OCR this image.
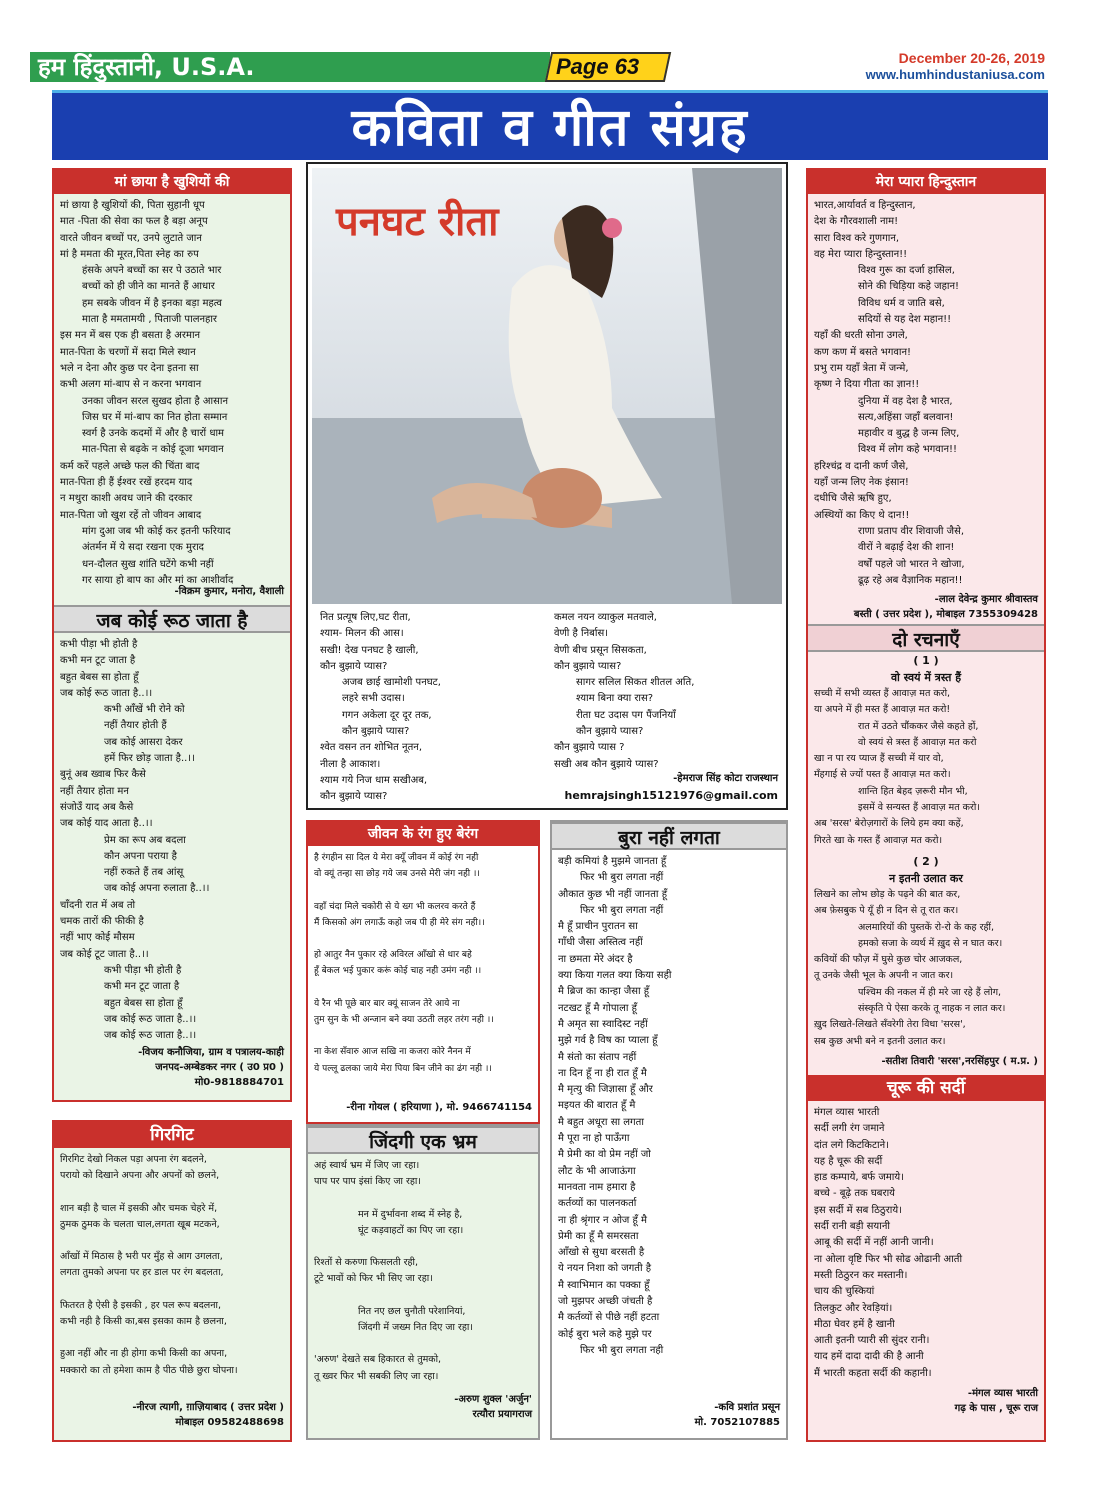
हम हिंदुस्तानी, U.S.A.	Page 63	December 20-26, 2019
www.humhindustaniusa.com
कविता व गीत संग्रह
मां छाया है खुशियों की
मां छाया है खुशियों की, पिता सुहानी धूप
मात -पिता की सेवा का फल है बड़ा अनूप
वारते जीवन बच्चों पर, उनपे लुटाते जान
मां है ममता की मूरत,पिता स्नेह का रुप
हंसके अपने बच्चों का सर पे उठाते भार
बच्चों को ही जीने का मानते हैं आधार
हम सबके जीवन में है इनका बड़ा महत्व
माता है ममतामयी , पिताजी पालनहार
इस मन में बस एक ही बसता है अरमान
मात-पिता के चरणों में सदा मिले स्थान
भले न देना और कुछ पर देना इतना सा
कभी अलग मां-बाप से न करना भगवान
उनका जीवन सरल सुखद होता है आसान
जिस घर में मां-बाप का नित होता सम्मान
स्वर्ग है उनके कदमों में और है चारों धाम
मात-पिता से बढ़के न कोई दूजा भगवान
कर्म करें पहले अच्छे फल की चिंता बाद
मात-पिता ही हैं ईश्वर रखें हरदम याद
न मथुरा काशी अवध जाने की दरकार
मात-पिता जो खुश रहें तो जीवन आबाद
मांग दुआ जब भी कोई कर इतनी फरियाद
अंतर्मन में ये सदा रखना एक मुराद
धन-दौलत सुख शांति घटेंगे कभी नहीं
गर साया हो बाप का और मां का आशीर्वाद
-विक्रम कुमार, मनोरा, वैशाली
जब कोई रूठ जाता है
कभी पीड़ा भी होती है
कभी मन टूट जाता है
बहुत बेबस सा होता हूँ
जब कोई रूठ जाता है..।।
कभी आँखें भी रोने को
नहीं तैयार होती हैं
जब कोई आसरा देकर
हमें फिर छोड़ जाता है..।।
बुनूं अब ख्वाब फिर कैसे
नहीं तैयार होता मन
संजोउँ याद अब कैसे
जब कोई याद आता है..।।
प्रेम का रूप अब बदला
कौन अपना पराया है
नहीं रुकते हैं तब आंसू
जब कोई अपना रुलाता है..।।
चाँदनी रात में अब तो
चमक तारों की फीकी है
नहीं भाए कोई मौसम
जब कोई टूट जाता है..।।
कभी पीड़ा भी होती है
कभी मन टूट जाता है
बहुत बेबस सा होता हूँ
जब कोई रूठ जाता है..।।
जब कोई रूठ जाता है..।।
-विजय कनौजिया, ग्राम व पत्रालय-काही
जनपद-अम्बेडकर नगर ( उ0 प्र0 )
मो0-9818884701
गिरगिट
गिरगिट देखो निकल पड़ा अपना रंग बदलने,
परायो को दिखाने अपना और अपनों को छलने,
शान बड़ी है चाल में इसकी और चमक चेहरे में,
ठुमक ठुमक के चलता चाल,लगता खूब मटकने,
आँखों में मिठास है भरी पर मुँह से आग उगलता,
लगता तुमको अपना पर हर डाल पर रंग बदलता,
फितरत है ऐसी है इसकी , हर पल रूप बदलना,
कभी नही है किसी का,बस इसका काम है छलना,
हुआ नहीं और ना ही होगा कभी किसी का अपना,
मक्कारो का तो हमेशा काम है पीठ पीछे छुरा घोपना।
-नीरज त्यागी, ग़ाज़ियाबाद ( उत्तर प्रदेश )
मोबाइल 09582488698
पनघट रीता
नित प्रत्यूष लिए,घट रीता,
श्याम- मिलन की आस।
सखी! देख पनघट है खाली,
कौन बुझाये प्यास?
अजब छाई खामोशी पनघट,
लहरे सभी उदास।
गगन अकेला दूर दूर तक,
कौन बुझाये प्यास?
श्वेत वसन तन शोभित नूतन,
नीला है आकाश।
श्याम गये निज धाम सखीअब,
कौन बुझाये प्यास?
कमल नयन व्याकुल मतवाले,
वेणी है निर्बास।
वेणी बीच प्रसून सिसकता,
कौन बुझाये प्यास?
सागर सलिल सिकत शीतल अति,
श्याम बिना क्या रास?
रीता घट उदास पग पैंजनियाँ
कौन बुझाये प्यास?
कौन बुझाये प्यास ?
सखी अब कौन बुझाये प्यास?
-हेमराज सिंह कोटा राजस्थान
hemrajsingh15121976@gmail.com
जीवन के रंग हुए बेरंग
है रंगहीन सा दिल ये मेरा क्यूँ जीवन में कोई रंग नही
वो क्यूं तन्हा सा छोड़ गये जब उनसे मेरी जंग नही ।।
वहाँ चंदा मिले चकोरी से ये ख्ग भी कलरव करते हैं
मैं किसको अंग लगाऊँ कहो जब पी ही मेरे संग नही।।
हो आतुर नैन पुकार रहे अविरल आँखो से धार बहे
हूँ बेकल भई पुकार करूं कोई चाह नही उमंग नही ।।
ये रैन भी पूछे बार बार क्यूं साजन तेरे आये ना
तुम सुन के भी अन्जान बने क्या उठती लहर तरंग नही ।।
ना केश सँवारु आज सखि ना कजरा कोरे नैनन में
ये पल्लू ढलका जाये मेरा पिया बिन जीने का ढंग नही ।।
-रीना गोयल ( हरियाणा ), मो. 9466741154
जिंदगी एक भ्रम
अहं स्वार्थ भ्रम में जिए जा रहा।
पाप पर पाप इंसां किए जा रहा।
मन में दुर्भावना शब्द में स्नेह है,
घूंट कड़वाहटों का पिए जा रहा।
रिश्तों से करुणा फिसलती रही,
टूटे भावों को फिर भी सिए जा रहा।
नित नए छल चुनौती परेशानियां,
जिंदगी में जख्म नित दिए जा रहा।
'अरुण' देखते सब हिकारत से तुमको,
तू ख्वर फिर भी सबकी लिए जा रहा।
-अरुण शुक्ल 'अर्जुन'
रत्यौरा प्रयागराज
बुरा नहीं लगता
बड़ी कमियां है मुझमे जानता हूँ
फिर भी बुरा लगता नहीं
औकात कुछ भी नहीं जानता हूँ
फिर भी बुरा लगता नहीं
मै हूँ प्राचीन पुरातन सा
गाँधी जैसा अस्तित्व नहीं
ना छमता मेरे अंदर है
क्या किया गलत क्या किया सही
मै ब्रिज का कान्हा जैसा हूँ
नटखट हूँ मै गोपाला हूँ
मै अमृत सा स्वादिस्ट नहीं
मुझे गर्व है विष का प्याला हूँ
मै संतो का संताप नहीं
ना दिन हूँ ना ही रात हूँ मै
मै मृत्यु की जिज्ञासा हूँ और
मइयत की बारात हूँ मै
मै बहुत अधूरा सा लगता
मै पूरा ना हो पाऊँगा
मै प्रेमी का वो प्रेम नहीं जो
लौट के भी आजाऊंगा
मानवता नाम हमारा है
कर्तव्यों का पालनकर्ता
ना ही श्रृंगार न ओज हूँ मै
प्रेमी का हूँ मै समरसता
आँखो से सुधा बरसती है
ये नयन निशा को जगती है
मै स्वाभिमान का पक्का हूँ
जो मुझपर अच्छी जंचती है
मै कर्तव्यों से पीछे नहीं हटता
कोई बुरा भले कहे मुझे पर
फिर भी बुरा लगता नही
-कवि प्रशांत प्रसून
मो. 7052107885
मेरा प्यारा हिन्दुस्तान
भारत,आर्यावर्त व हिन्दुस्तान,
देश के गौरवशाली नाम!
सारा विश्व करे गुणगान,
वह मेरा प्यारा हिन्दुस्तान!!
विश्व गुरू का दर्जा हासिल,
सोने की चिड़िया कहे जहान!
विविध धर्म व जाति बसे,
सदियों से यह देश महान!!
यहाँ की धरती सोना उगले,
कण कण में बसते भगवान!
प्रभु राम यहाँ त्रेता में जन्मे,
कृष्ण ने दिया गीता का ज्ञान!!
दुनिया में वह देश है भारत,
सत्य,अहिंसा जहाँ बलवान!
महावीर व बुद्ध है जन्म लिए,
विश्व में लोग कहे भगवान!!
हरिश्चंद्र व दानी कर्ण जैसे,
यहाँ जन्म लिए नेक इंसान!
दधीचि जैसे ऋषि हुए,
अस्थियों का किए थे दान!!
राणा प्रताप वीर शिवाजी जैसे,
वीरों ने बढ़ाई देश की शान!
वर्षों पहले जो भारत ने खोजा,
ढूढ़ रहे अब वैज्ञानिक महान!!
-लाल देवेन्द्र कुमार श्रीवास्तव
बस्ती ( उत्तर प्रदेश ), मोबाइल 7355309428
दो रचनाएँ
( 1 )
वो स्वयं में त्रस्त हैं
सच्ची में सभी व्यस्त हैं आवाज़ मत करो,
या अपने में ही मस्त हैं आवाज़ मत करो!
रात में उठते चौंककर जैसे कहते हों,
वो स्वयं से त्रस्त हैं आवाज़ मत करो
खा न पा रय प्याज हैं सच्ची में यार वो,
मँहगाई से ज्यों पस्त हैं आवाज़ मत करो।
शान्ति हित बेहद ज़रूरी मौन भी,
इसमें वे सन्यस्त हैं आवाज़ मत करो।
अब 'सरस' बेरोज़गारों के लिये हम क्या कहें,
गिरते खा के गस्त हैं आवाज़ मत करो।
( 2 )
न इतनी उलात कर
लिखने का लोभ छोड़ के पढ़ने की बात कर,
अब फ़ेसबुक पे यूँ ही न दिन से तू रात कर।
अलमारियों की पुस्तकें रो-रो के कह रहीं,
हमको सजा के व्यर्थ में ख़ुद से न घात कर।
कवियों की फौज़ में घुसे कुछ चोर आजकल,
तू उनके जैसी भूल के अपनी न जात कर।
पश्चिम की नकल में ही मरे जा रहे हैं लोग,
संस्कृति पे ऐसा करके तू नाहक न लात कर।
ख़ुद लिखते-लिखते सँवरेगी तेरा विधा 'सरस',
सब कुछ अभी बने न इतनी उलात कर।
-सतीश तिवारी 'सरस',नरसिंहपुर ( म.प्र. )
चूरू की सर्दी
मंगल व्यास भारती
सर्दी लगी रंग जमाने
दांत लगे किटकिटाने।
यह है चूरू की सर्दी
हाड कम्पाये, बर्फ जमाये।
बच्चे - बूढ़े तक घबराये
इस सर्दी में सब ठिठुराये।
सर्दी रानी बड़ी सयानी
आबू की सर्दी में नहीं आनी जानी।
ना ओला वृष्टि फिर भी सोढ ओढानी आती
मस्ती ठिठुरन कर मस्तानी।
चाय की चुस्कियां
तिलकुट और रेवड़ियां।
मीठा घेवर हमें है खानी
आती इतनी प्यारी सी सुंदर रानी।
याद हमें दादा दादी की है आनी
मैं भारती कहता सर्दी की कहानी।
-मंगल व्यास भारती
गढ़ के पास , चूरू राज
